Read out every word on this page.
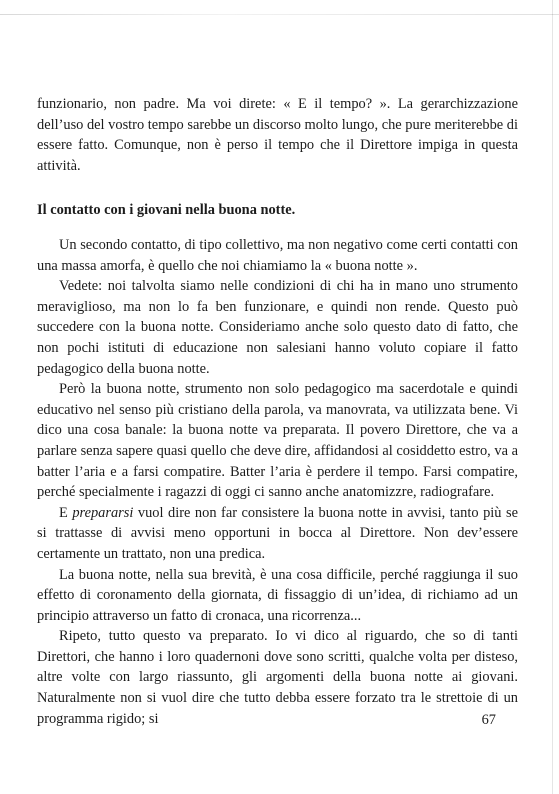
funzionario, non padre. Ma voi direte: « E il tempo? ». La gerarchizzazione dell’uso del vostro tempo sarebbe un discorso molto lungo, che pure meriterebbe di essere fatto. Comunque, non è perso il tempo che il Direttore impiga in questa attività.

Il contatto con i giovani nella buona notte.

Un secondo contatto, di tipo collettivo, ma non negativo come certi contatti con una massa amorfa, è quello che noi chiamiamo la « buona notte ».

Vedete: noi talvolta siamo nelle condizioni di chi ha in mano uno strumento meraviglioso, ma non lo fa ben funzionare, e quindi non rende. Questo può succedere con la buona notte. Consideriamo anche solo questo dato di fatto, che non pochi istituti di educazione non salesiani hanno voluto copiare il fatto pedagogico della buona notte.

Però la buona notte, strumento non solo pedagogico ma sacerdotale e quindi educativo nel senso più cristiano della parola, va manovrata, va utilizzata bene. Vi dico una cosa banale: la buona notte va preparata. Il povero Direttore, che va a parlare senza sapere quasi quello che deve dire, affidandosi al cosiddetto estro, va a batter l’aria e a farsi compatire. Batter l’aria è perdere il tempo. Farsi compatire, perché specialmente i ragazzi di oggi ci sanno anche anatomizzre, radiografare.

E prepararsi vuol dire non far consistere la buona notte in avvisi, tanto più se si trattasse di avvisi meno opportuni in bocca al Direttore. Non dev’essere certamente un trattato, non una predica.

La buona notte, nella sua brevità, è una cosa difficile, perché raggiunga il suo effetto di coronamento della giornata, di fissaggio di un’idea, di richiamo ad un principio attraverso un fatto di cronaca, una ricorrenza...

Ripeto, tutto questo va preparato. Io vi dico al riguardo, che so di tanti Direttori, che hanno i loro quadernoni dove sono scritti, qualche volta per disteso, altre volte con largo riassunto, gli argomenti della buona notte ai giovani. Naturalmente non si vuol dire che tutto debba essere forzato tra le strettoie di un programma rigido; si	67
